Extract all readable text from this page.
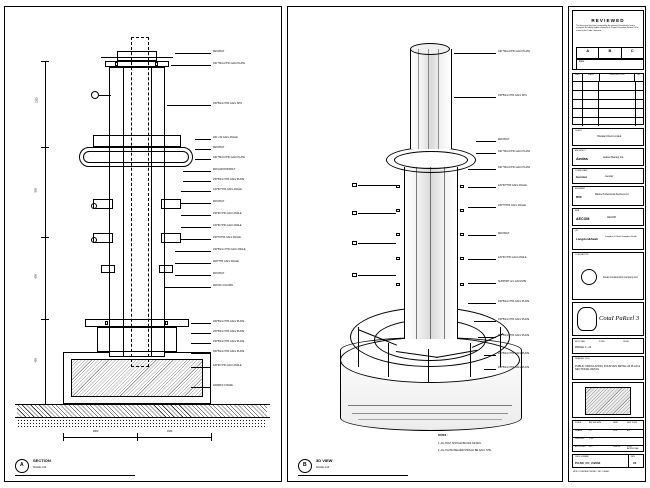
1200
900
600
450
2800	1650
M24 BOLT
340 *50mmTHK GALV PLATE
150*50mmTHK GALV SHS
200 x 90 GALV ANGLE
M20 BOLT
340 *50mmTHK GALV PLATE
M20 ANCHOR BOLT
150*50mmTHK GALV PLATE
120*90*THK GALV ANGLE
M20 BOLT
150*90 THK GALV ANGLE
120*90 THK GALV ANGLE
150*75THK GALV ANGLE
150*50mm THK GALV ANGLE
M20*THK GALV ANGLE
M20 BOLT
M20 RC COLUMN
200*50mmTHK GALV PLATE
200*50mmTHK GALV PLATE
150*50mmTHK GALV PLATE
350*50mmTHK GALV PLATE
120*90 THK GALV ANGLE
400MM R.C BASE
A
SECTION
SCALE 1:20
340 *50mmTHK GALV PLATE
150*50mmTHK GALV SHS
M20 BOLT
340 *50mmTHK GALV PLATE
340 *50mmTHK GALV PLATE
120*90*THK GALV ANGLE
150*75THK GALV ANGLE
M20 BOLT
120*90 THK GALV ANGLE
SUPPORT arm GALVSHS
150*50mmTHK GALV PLATE
150*50mmTHK GALV PLATE
350*50mmTHK GALV PLATE
200*50mmTHK GALV PLATE
150*50mmTHK GALV PLATE
NOTES :
1. ALL BOLT SHOULD BE M20 OR M24.
2. ALL PLATE WELDED SHOULD BE GALV. SHS.
B
3D VIEW
SCALE 1:20
REVIEWED
This document has been reviewed by the relevant Consultant(s) and is accepted. No liability and/or referred to in Project Procedure Section 5.4 for action by the Trade Contractor.
A	B	C
Date :
REV	DATE	DESCRIPTION	BY
CLIENT
Hovatan Direct Limited
ARCHITECT
Aedas	Aedas (Macau) Ltd.
CONSULTANT
Gensler	Gensler
ENGINEER
mc	Marine Professional Services Ltd.
M&E
AECOM	AECOM
QS
Langdon&Seah	Langdon & Seah Langdon South
CONTRACTOR
Foster Construction Company Ltd.
CotaI PaRcel 3
KEY PLAN	ZONE	LEVEL
PARCEL 3 - 24
DRAWING TITLE
PUBLIC CIRCULATION, FOUNTAIN DETAIL 24 PLAN & SECTIONAL DETAIL
SCALE	AS SHOWN	DATE	SEP 2009
DRAWN	S.T.	SIZE	A1
CHECKED K.W.
APPROVED M.C.	STATUS	FOR APPROVAL
DWG. NUMBER
P3-SD_FC_24/002
REV
01
MPS / FOUNTAIN / DETAIL / SEC / SHEET
